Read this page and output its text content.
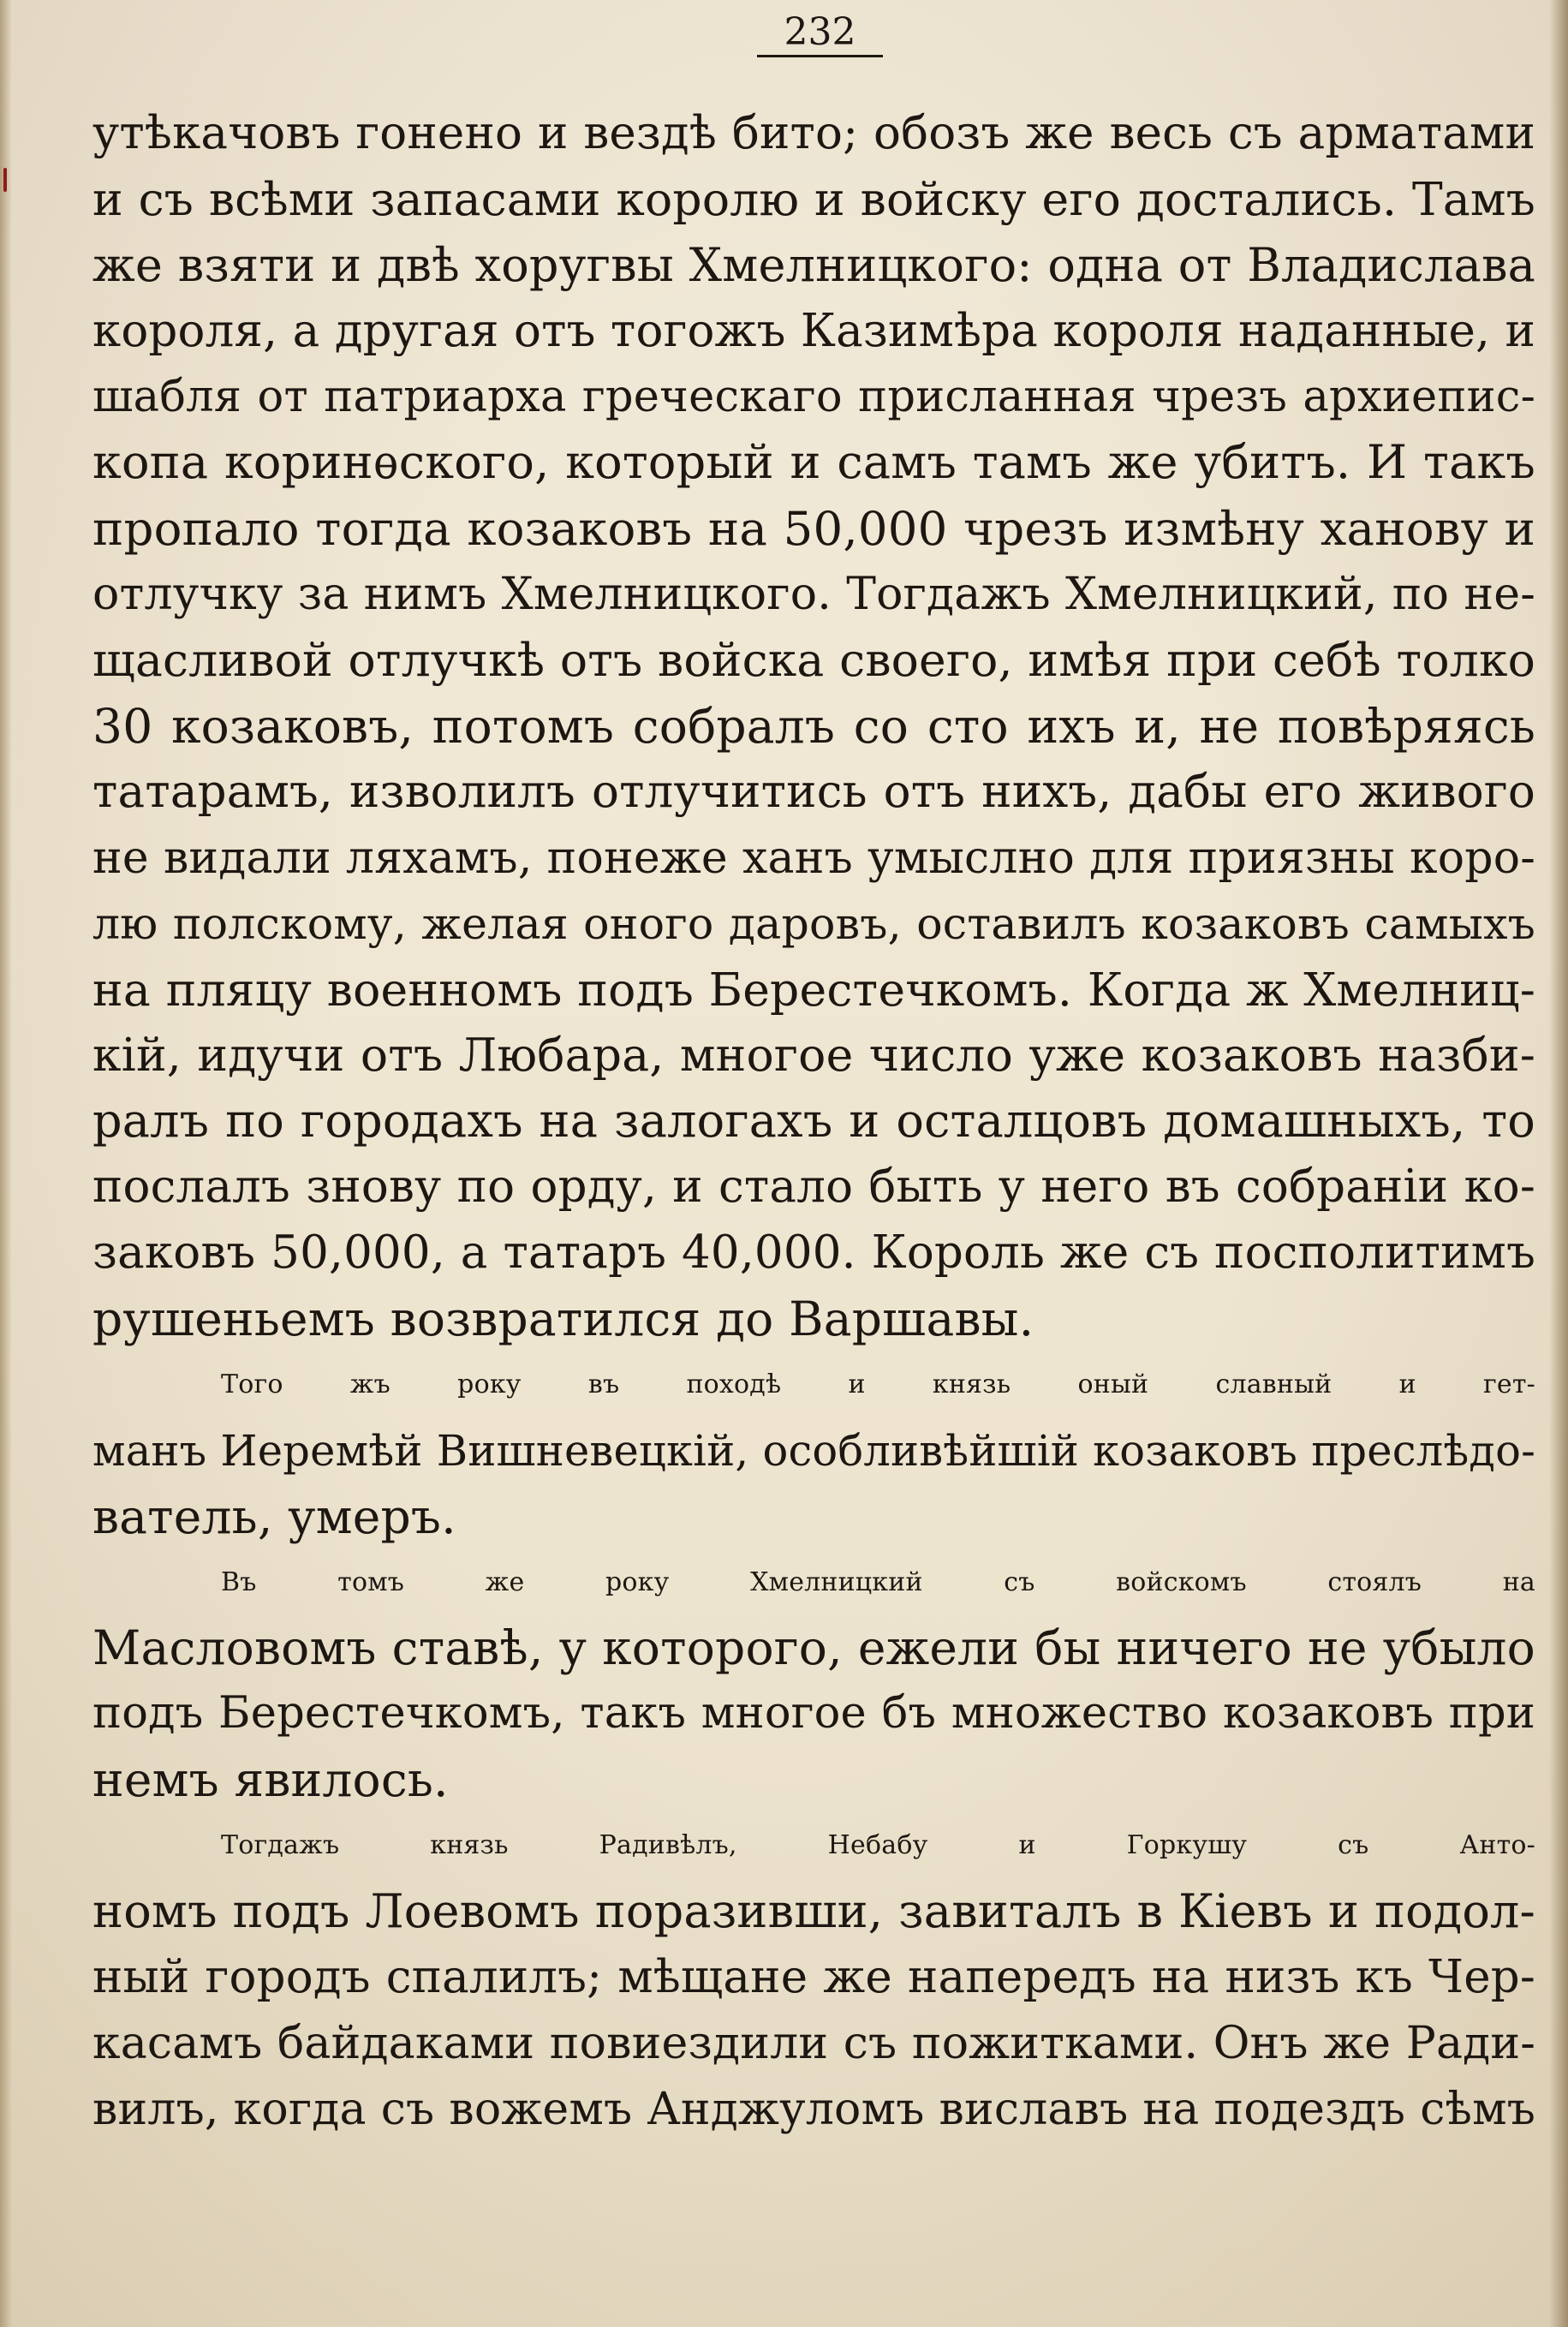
232
утѣкачовъ гонено и вездѣ бито; обозъ же весь съ арматами
и съ всѣми запасами королю и войску его достались. Тамъ
же взяти и двѣ хоругвы Хмелницкого: одна от Владислава
короля, а другая отъ тогожъ Казимѣра короля наданные, и
шабля от патриарха греческаго присланная чрезъ архиепис-
копа коринѳского, который и самъ тамъ же убитъ. И такъ
пропало тогда козаковъ на 50,000 чрезъ измѣну ханову и
отлучку за нимъ Хмелницкого. Тогдажъ Хмелницкий, по не-
щасливой отлучкѣ отъ войска своего, имѣя при себѣ толко
30 козаковъ, потомъ собралъ со сто ихъ и, не повѣряясь
татарамъ, изволилъ отлучитись отъ нихъ, дабы его живого
не видали ляхамъ, понеже ханъ умыслно для приязны коро-
лю полскому, желая оного даровъ, оставилъ козаковъ самыхъ
на пляцу военномъ подъ Берестечкомъ. Когда ж Хмелниц-
кій, идучи отъ Любара, многое число уже козаковъ назби-
ралъ по городахъ на залогахъ и осталцовъ домашныхъ, то
послалъ знову по орду, и стало быть у него въ собраніи ко-
заковъ 50,000, а татаръ 40,000. Король же съ посполитимъ
рушеньемъ возвратился до Варшавы.
Того жъ року въ походѣ и князь оный славный и гет-
манъ Иеремѣй Вишневецкій, особливѣйшій козаковъ преслѣдо-
ватель, умеръ.
Въ томъ же року Хмелницкий съ войскомъ стоялъ на
Масловомъ ставѣ, у которого, ежели бы ничего не убыло
подъ Берестечкомъ, такъ многое бъ множество козаковъ при
немъ явилось.
Тогдажъ князь Радивѣлъ, Небабу и Горкушу съ Анто-
номъ подъ Лоевомъ поразивши, завиталъ в Кіевъ и подол-
ный городъ спалилъ; мѣщане же напередъ на низъ къ Чер-
касамъ байдаками повиездили съ пожитками. Онъ же Ради-
вилъ, когда съ вожемъ Анджуломъ виславъ на подездъ сѣмъ
